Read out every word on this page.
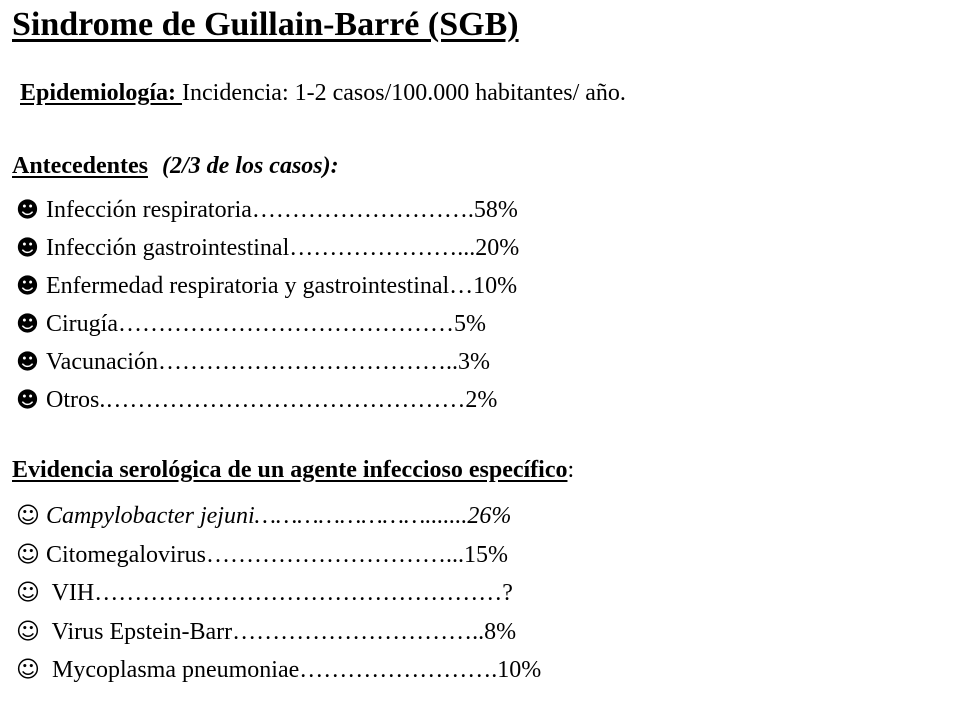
Sindrome de Guillain-Barré (SGB)
Epidemiología: Incidencia: 1-2 casos/100.000 habitantes/ año.
Antecedentes (2/3 de los casos):
☻ Infección respiratoria……………………….58%
☻ Infección gastrointestinal…………………...20%
☻ Enfermedad respiratoria y gastrointestinal…10%
☻ Cirugía……………………………………5%
☻ Vacunación………………………………..3%
☻ Otros.………………………………………2%
Evidencia serológica de un agente infeccioso específico:
☺ Campylobacter jejuni…………………….......26%
☺ Citomegalovirus…………………………...15%
☺ VIH……………………………………………?
☺ Virus Epstein-Barr…………………………..8%
☺ Mycoplasma pneumoniae…………………….10%
